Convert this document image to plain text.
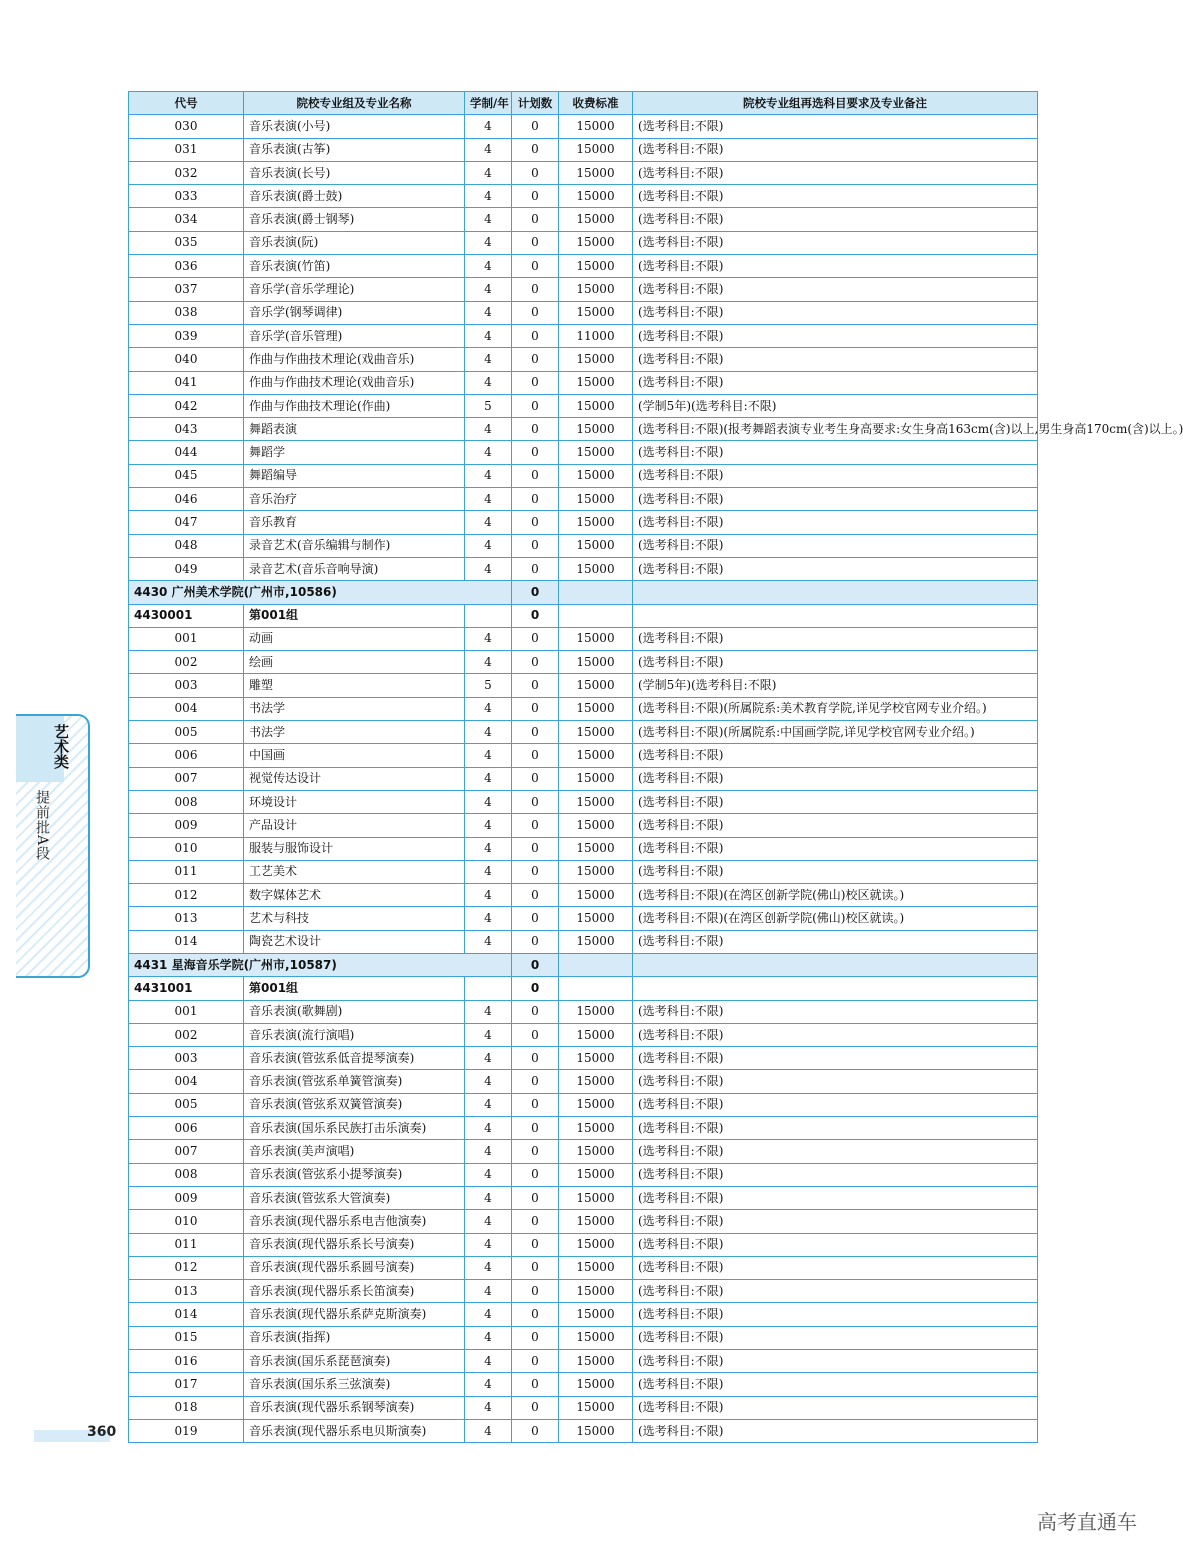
代号	院校专业组及专业名称	学制/年	计划数	收费标准	院校专业组再选科目要求及专业备注
030	音乐表演(小号)	4	0	15000	(选考科目:不限)
031	音乐表演(古筝)	4	0	15000	(选考科目:不限)
032	音乐表演(长号)	4	0	15000	(选考科目:不限)
033	音乐表演(爵士鼓)	4	0	15000	(选考科目:不限)
034	音乐表演(爵士钢琴)	4	0	15000	(选考科目:不限)
035	音乐表演(阮)	4	0	15000	(选考科目:不限)
036	音乐表演(竹笛)	4	0	15000	(选考科目:不限)
037	音乐学(音乐学理论)	4	0	15000	(选考科目:不限)
038	音乐学(钢琴调律)	4	0	15000	(选考科目:不限)
039	音乐学(音乐管理)	4	0	11000	(选考科目:不限)
040	作曲与作曲技术理论(戏曲音乐)	4	0	15000	(选考科目:不限)
041	作曲与作曲技术理论(戏曲音乐)	4	0	15000	(选考科目:不限)
042	作曲与作曲技术理论(作曲)	5	0	15000	(学制5年)(选考科目:不限)
043	舞蹈表演	4	0	15000	(选考科目:不限)(报考舞蹈表演专业考生身高要求:女生身高163cm(含)以上,男生身高170cm(含)以上。)
044	舞蹈学	4	0	15000	(选考科目:不限)
045	舞蹈编导	4	0	15000	(选考科目:不限)
046	音乐治疗	4	0	15000	(选考科目:不限)
047	音乐教育	4	0	15000	(选考科目:不限)
048	录音艺术(音乐编辑与制作)	4	0	15000	(选考科目:不限)
049	录音艺术(音乐音响导演)	4	0	15000	(选考科目:不限)
4430 广州美术学院(广州市,10586)			0		
4430001	第001组		0		
001	动画	4	0	15000	(选考科目:不限)
002	绘画	4	0	15000	(选考科目:不限)
003	雕塑	5	0	15000	(学制5年)(选考科目:不限)
004	书法学	4	0	15000	(选考科目:不限)(所属院系:美术教育学院,详见学校官网专业介绍。)
005	书法学	4	0	15000	(选考科目:不限)(所属院系:中国画学院,详见学校官网专业介绍。)
006	中国画	4	0	15000	(选考科目:不限)
007	视觉传达设计	4	0	15000	(选考科目:不限)
008	环境设计	4	0	15000	(选考科目:不限)
009	产品设计	4	0	15000	(选考科目:不限)
010	服装与服饰设计	4	0	15000	(选考科目:不限)
011	工艺美术	4	0	15000	(选考科目:不限)
012	数字媒体艺术	4	0	15000	(选考科目:不限)(在湾区创新学院(佛山)校区就读。)
013	艺术与科技	4	0	15000	(选考科目:不限)(在湾区创新学院(佛山)校区就读。)
014	陶瓷艺术设计	4	0	15000	(选考科目:不限)
4431 星海音乐学院(广州市,10587)			0		
4431001	第001组		0		
001	音乐表演(歌舞剧)	4	0	15000	(选考科目:不限)
002	音乐表演(流行演唱)	4	0	15000	(选考科目:不限)
003	音乐表演(管弦系低音提琴演奏)	4	0	15000	(选考科目:不限)
004	音乐表演(管弦系单簧管演奏)	4	0	15000	(选考科目:不限)
005	音乐表演(管弦系双簧管演奏)	4	0	15000	(选考科目:不限)
006	音乐表演(国乐系民族打击乐演奏)	4	0	15000	(选考科目:不限)
007	音乐表演(美声演唱)	4	0	15000	(选考科目:不限)
008	音乐表演(管弦系小提琴演奏)	4	0	15000	(选考科目:不限)
009	音乐表演(管弦系大管演奏)	4	0	15000	(选考科目:不限)
010	音乐表演(现代器乐系电吉他演奏)	4	0	15000	(选考科目:不限)
011	音乐表演(现代器乐系长号演奏)	4	0	15000	(选考科目:不限)
012	音乐表演(现代器乐系圆号演奏)	4	0	15000	(选考科目:不限)
013	音乐表演(现代器乐系长笛演奏)	4	0	15000	(选考科目:不限)
014	音乐表演(现代器乐系萨克斯演奏)	4	0	15000	(选考科目:不限)
015	音乐表演(指挥)	4	0	15000	(选考科目:不限)
016	音乐表演(国乐系琵琶演奏)	4	0	15000	(选考科目:不限)
017	音乐表演(国乐系三弦演奏)	4	0	15000	(选考科目:不限)
018	音乐表演(现代器乐系钢琴演奏)	4	0	15000	(选考科目:不限)
019	音乐表演(现代器乐系电贝斯演奏)	4	0	15000	(选考科目:不限)
艺术类
提前批A段
360
高考直通车
